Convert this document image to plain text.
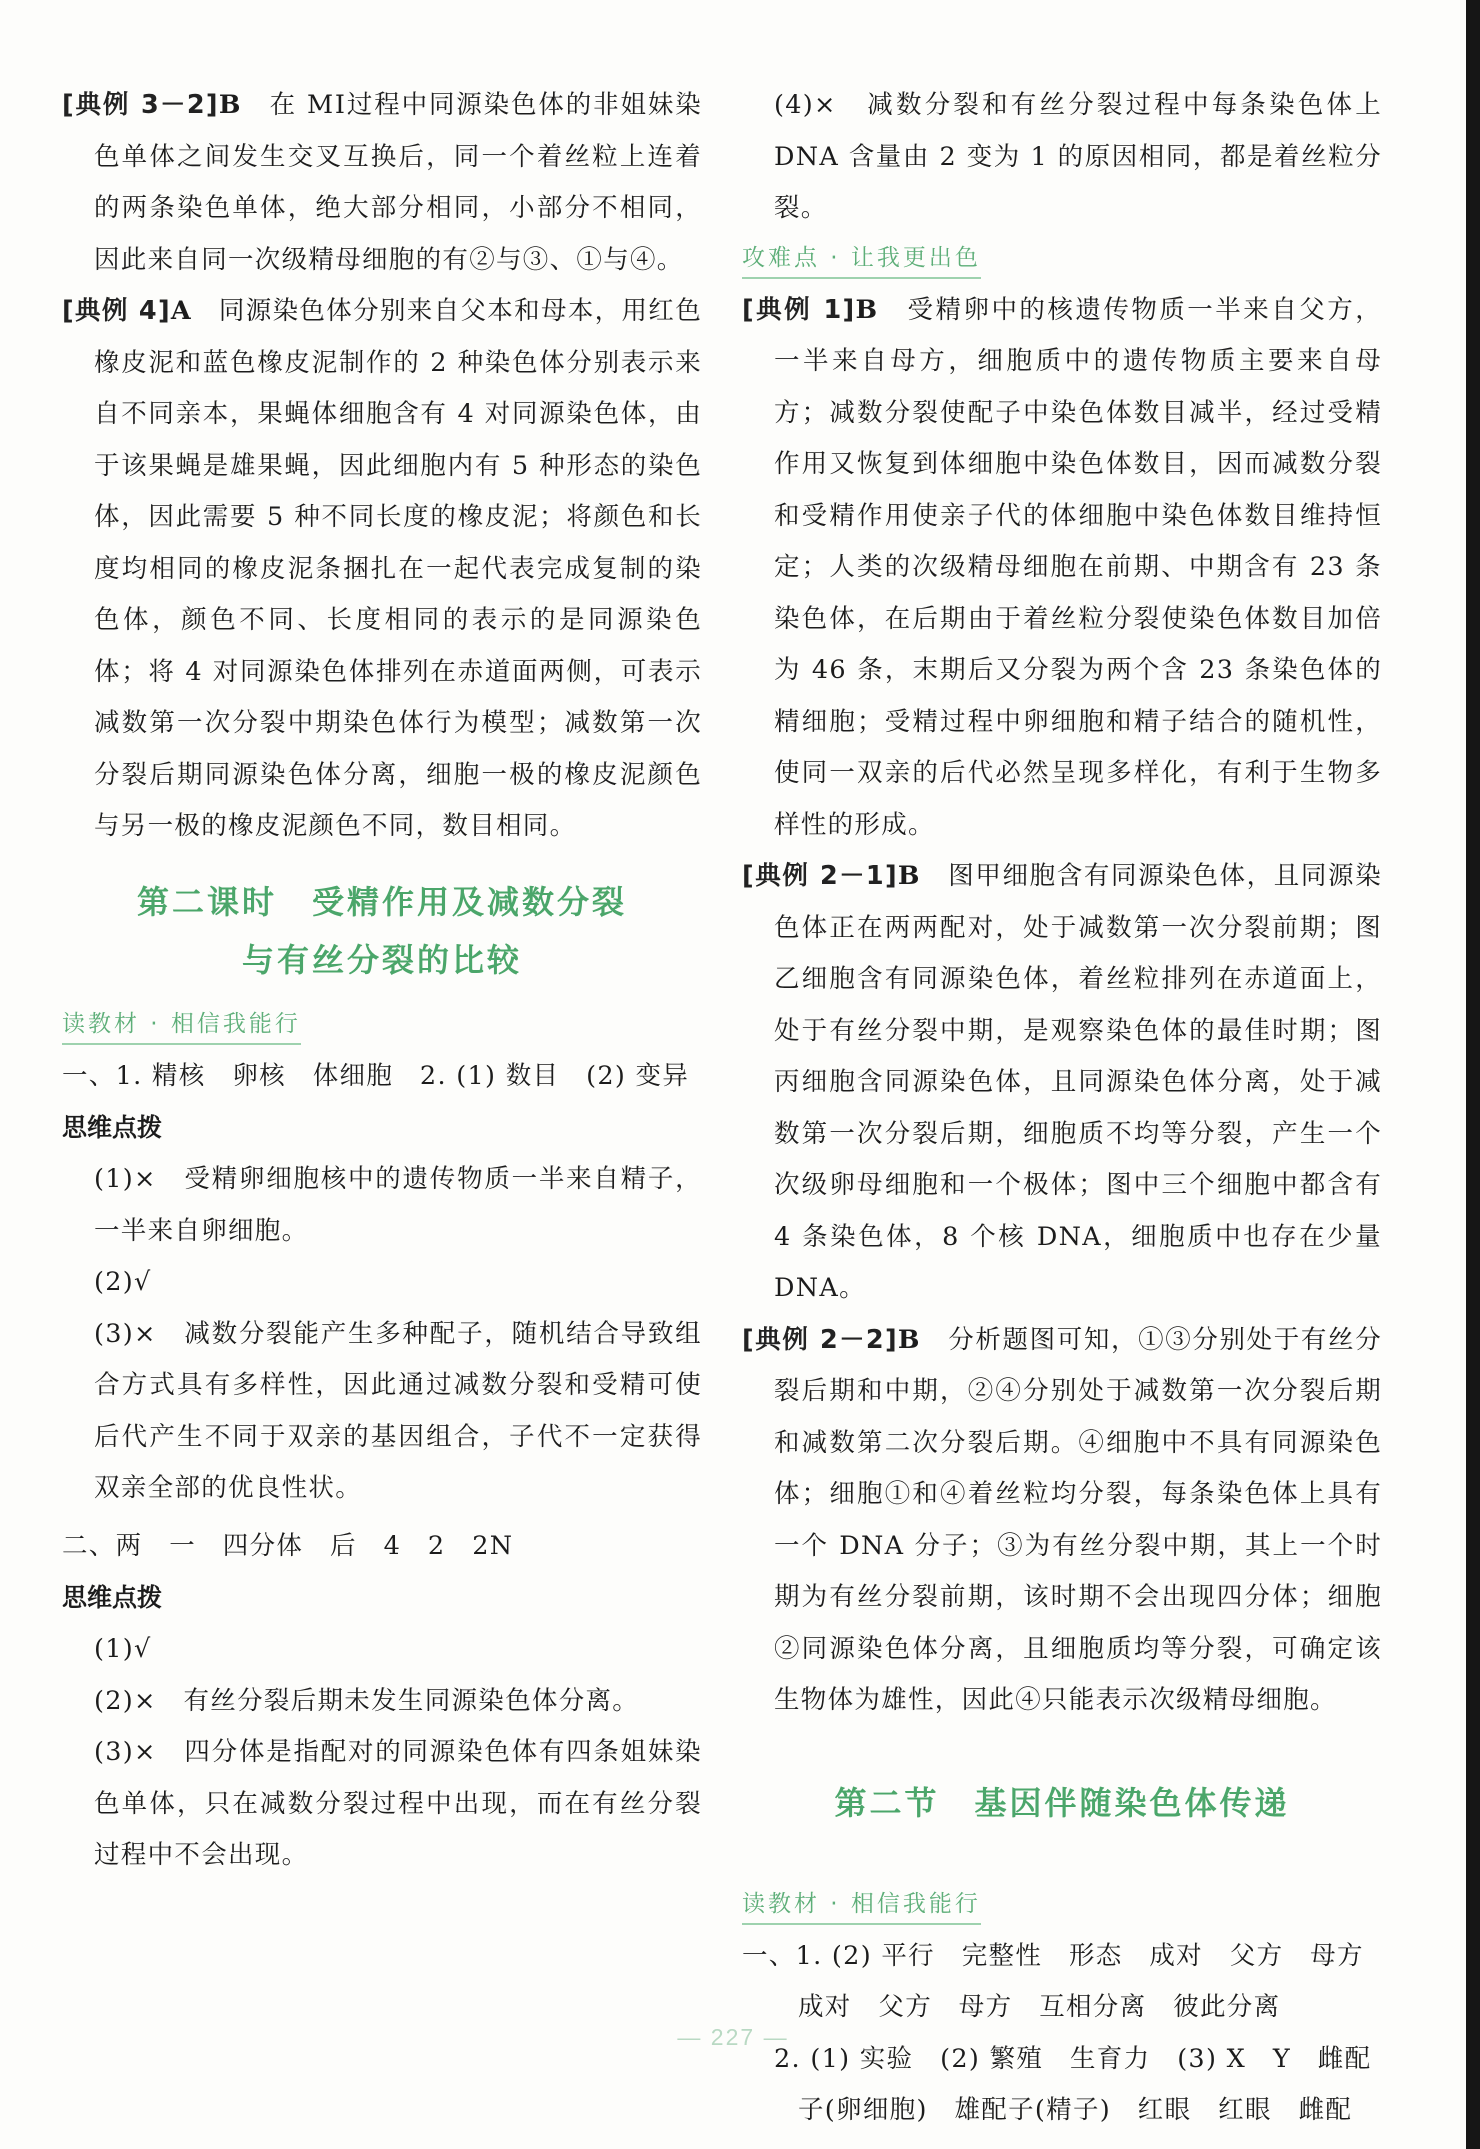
[典例 3－2]B　 在 MⅠ过程中同源染色体的非姐妹染色单体之间发生交叉互换后，同一个着丝粒上连着的两条染色单体，绝大部分相同，小部分不相同，因此来自同一次级精母细胞的有②与③、①与④。

[典例 4]A　 同源染色体分别来自父本和母本，用红色橡皮泥和蓝色橡皮泥制作的 2 种染色体分别表示来自不同亲本，果蝇体细胞含有 4 对同源染色体，由于该果蝇是雄果蝇，因此细胞内有 5 种形态的染色体，因此需要 5 种不同长度的橡皮泥；将颜色和长度均相同的橡皮泥条捆扎在一起代表完成复制的染色体，颜色不同、长度相同的表示的是同源染色体；将 4 对同源染色体排列在赤道面两侧，可表示减数第一次分裂中期染色体行为模型；减数第一次分裂后期同源染色体分离，细胞一极的橡皮泥颜色与另一极的橡皮泥颜色不同，数目相同。

第二课时　受精作用及减数分裂

与有丝分裂的比较

读教材 · 相信我能行

一、1. 精核　卵核　体细胞　2. (1) 数目　(2) 变异

思维点拨

(1)×　受精卵细胞核中的遗传物质一半来自精子，一半来自卵细胞。

(2)√

(3)×　减数分裂能产生多种配子，随机结合导致组合方式具有多样性，因此通过减数分裂和受精可使后代产生不同于双亲的基因组合，子代不一定获得双亲全部的优良性状。

二、两　一　四分体　后　4　2　2N

思维点拨

(1)√

(2)×　有丝分裂后期未发生同源染色体分离。

(3)×　四分体是指配对的同源染色体有四条姐妹染色单体，只在减数分裂过程中出现，而在有丝分裂过程中不会出现。

(4)×　减数分裂和有丝分裂过程中每条染色体上 DNA 含量由 2 变为 1 的原因相同，都是着丝粒分裂。

攻难点 · 让我更出色

[典例 1]B　 受精卵中的核遗传物质一半来自父方，一半来自母方，细胞质中的遗传物质主要来自母方；减数分裂使配子中染色体数目减半，经过受精作用又恢复到体细胞中染色体数目，因而减数分裂和受精作用使亲子代的体细胞中染色体数目维持恒定；人类的次级精母细胞在前期、中期含有 23 条染色体，在后期由于着丝粒分裂使染色体数目加倍为 46 条，末期后又分裂为两个含 23 条染色体的精细胞；受精过程中卵细胞和精子结合的随机性，使同一双亲的后代必然呈现多样化，有利于生物多样性的形成。

[典例 2－1]B　 图甲细胞含有同源染色体，且同源染色体正在两两配对，处于减数第一次分裂前期；图乙细胞含有同源染色体，着丝粒排列在赤道面上，处于有丝分裂中期，是观察染色体的最佳时期；图丙细胞含同源染色体，且同源染色体分离，处于减数第一次分裂后期，细胞质不均等分裂，产生一个次级卵母细胞和一个极体；图中三个细胞中都含有 4 条染色体，8 个核 DNA，细胞质中也存在少量 DNA。

[典例 2－2]B　 分析题图可知，①③分别处于有丝分裂后期和中期，②④分别处于减数第一次分裂后期和减数第二次分裂后期。④细胞中不具有同源染色体；细胞①和④着丝粒均分裂，每条染色体上具有一个 DNA 分子；③为有丝分裂中期，其上一个时期为有丝分裂前期，该时期不会出现四分体；细胞②同源染色体分离，且细胞质均等分裂，可确定该生物体为雄性，因此④只能表示次级精母细胞。

第二节　基因伴随染色体传递

读教材 · 相信我能行

一、1. (2) 平行　完整性　形态　成对　父方　母方

成对　父方　母方　互相分离　彼此分离

2. (1) 实验　(2) 繁殖　生育力　(3) X　Y　雌配

子(卵细胞)　雄配子(精子)　红眼　红眼　雌配

— 227 —
